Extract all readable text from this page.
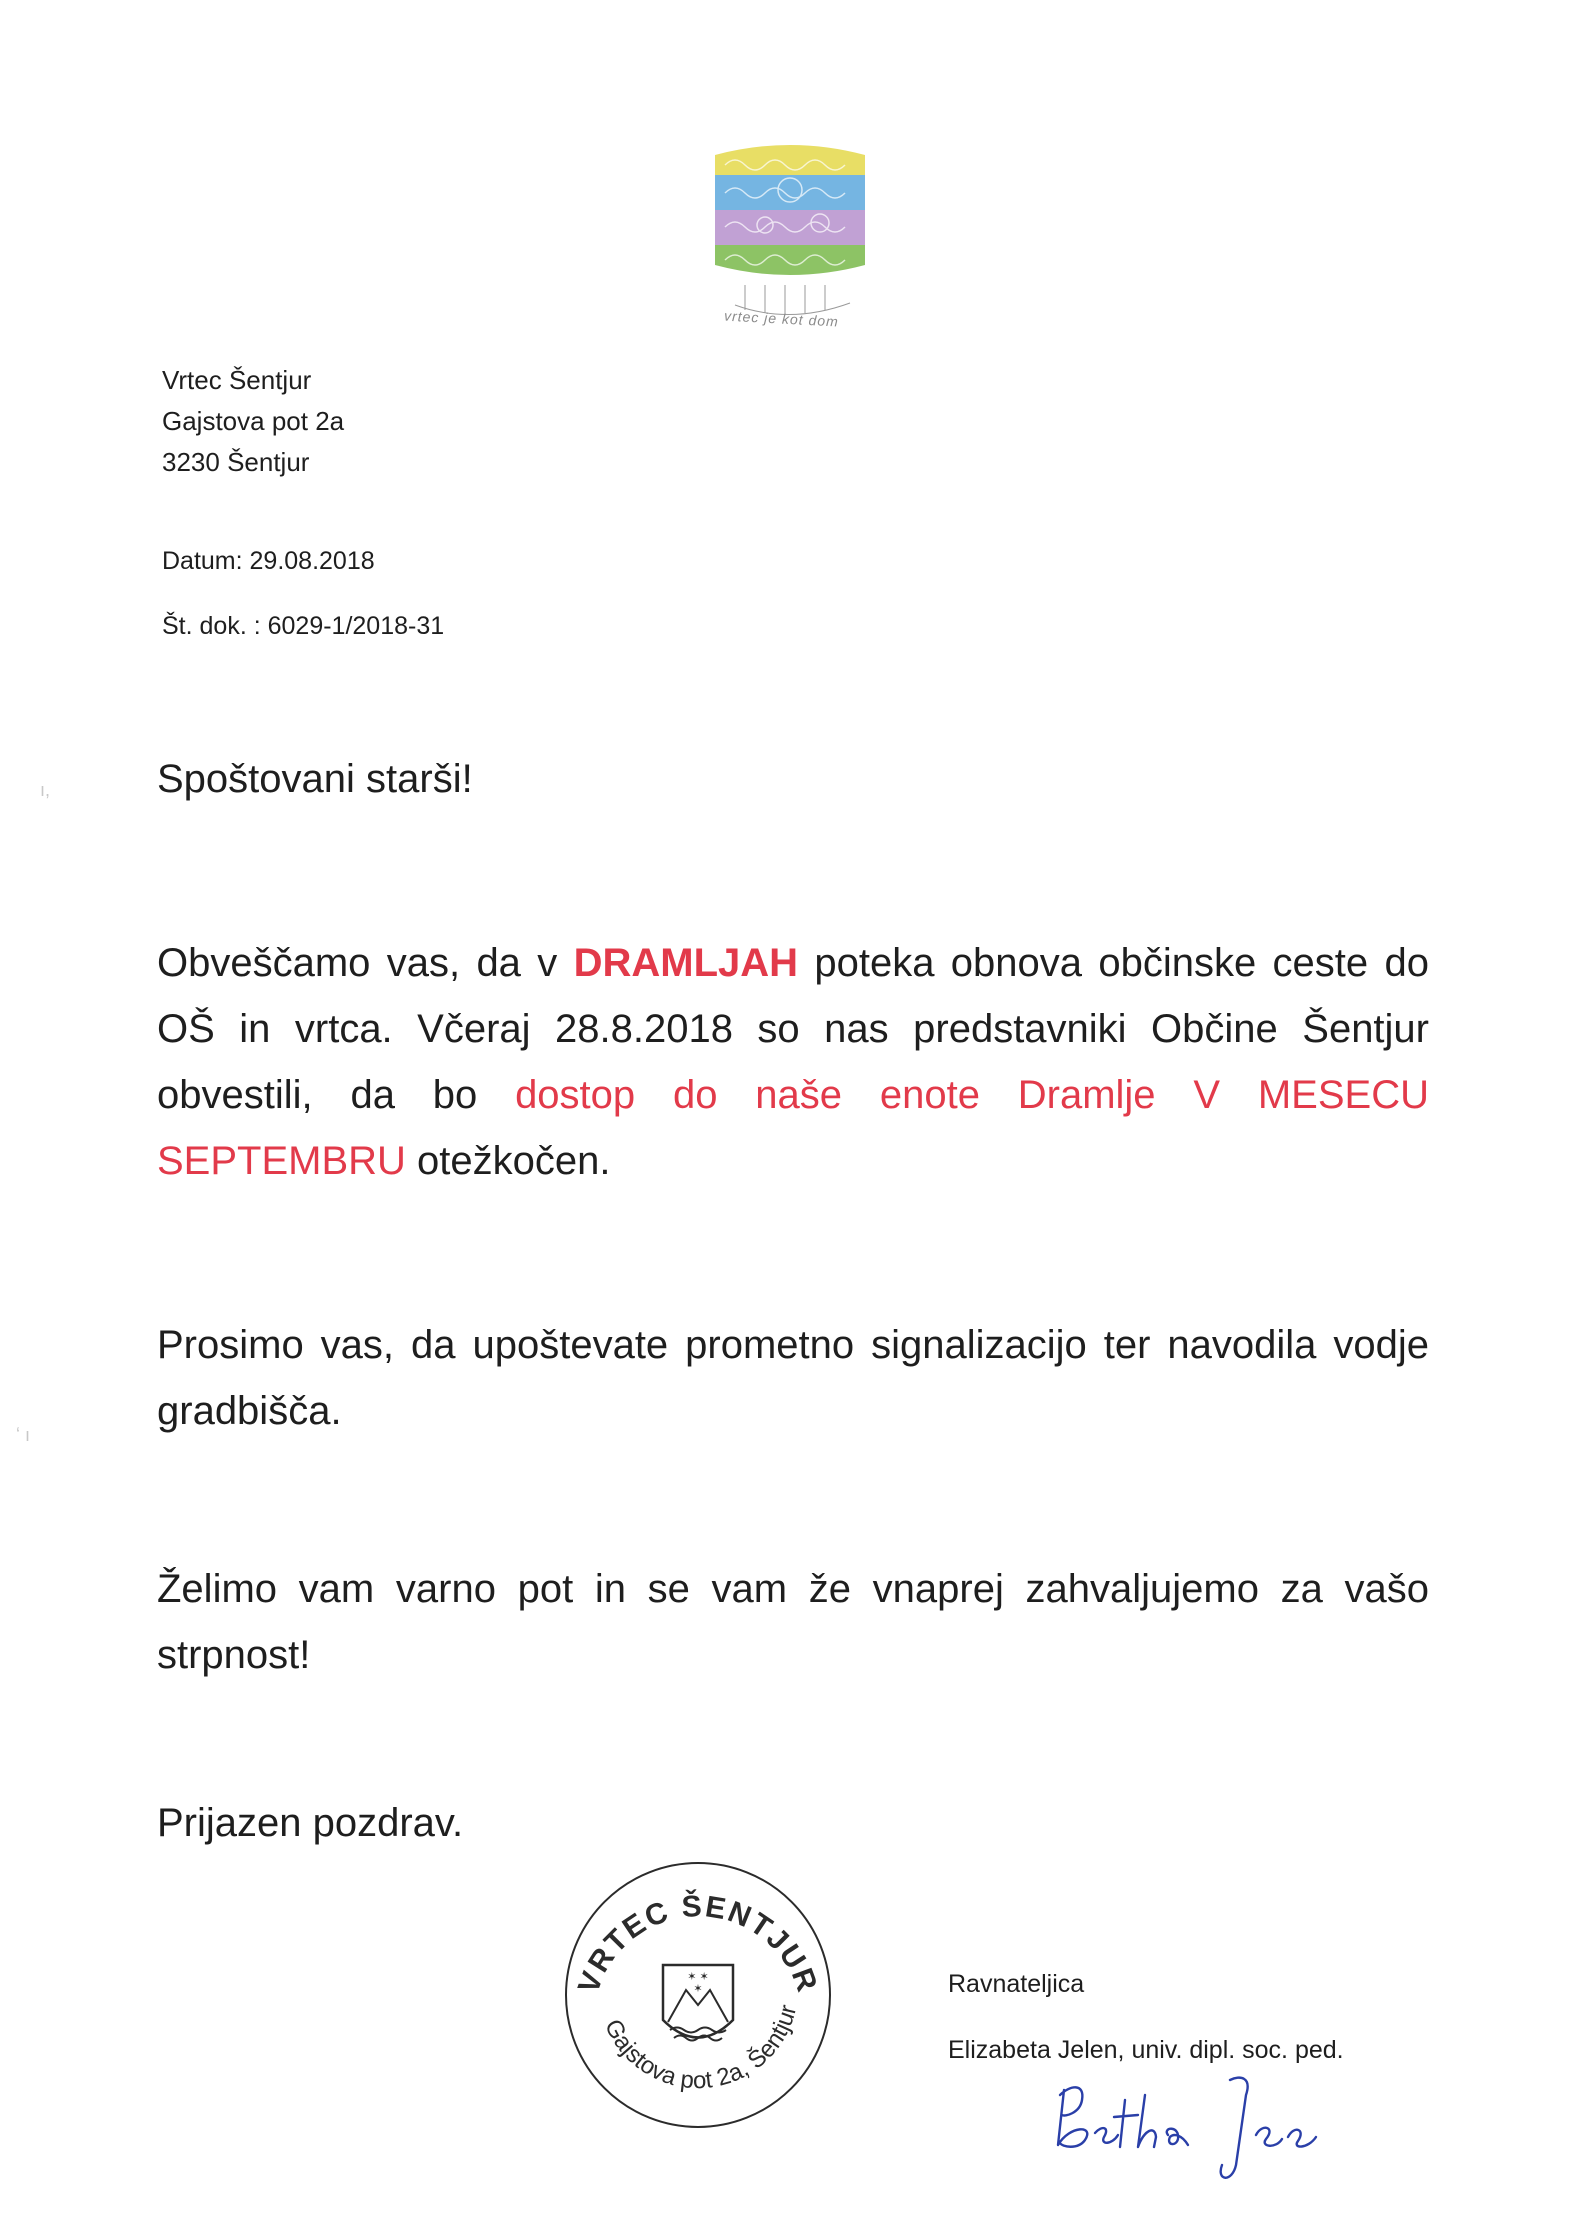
vrtec je kot dom
Vrtec Šentjur
Gajstova pot 2a
3230 Šentjur
Datum: 29.08.2018
Št. dok. : 6029-1/2018-31
Spoštovani starši!
Obveščamo vas, da v DRAMLJAH poteka obnova občinske ceste do OŠ in vrtca. Včeraj 28.8.2018 so nas predstavniki Občine Šentjur obvestili, da bo dostop do naše enote Dramlje V MESECU SEPTEMBRU otežkočen.
Prosimo vas, da upoštevate prometno signalizacijo ter navodila vodje gradbišča.
Želimo vam varno pot in se vam že vnaprej zahvaljujemo za vašo strpnost!
Prijazen pozdrav.
VRTEC ŠENTJUR
Gajstova pot 2a, Šentjur
✶ ✶
✶	Ravnateljica
Elizabeta Jelen, univ. dipl. soc. ped.
ı,
ʻ ı
